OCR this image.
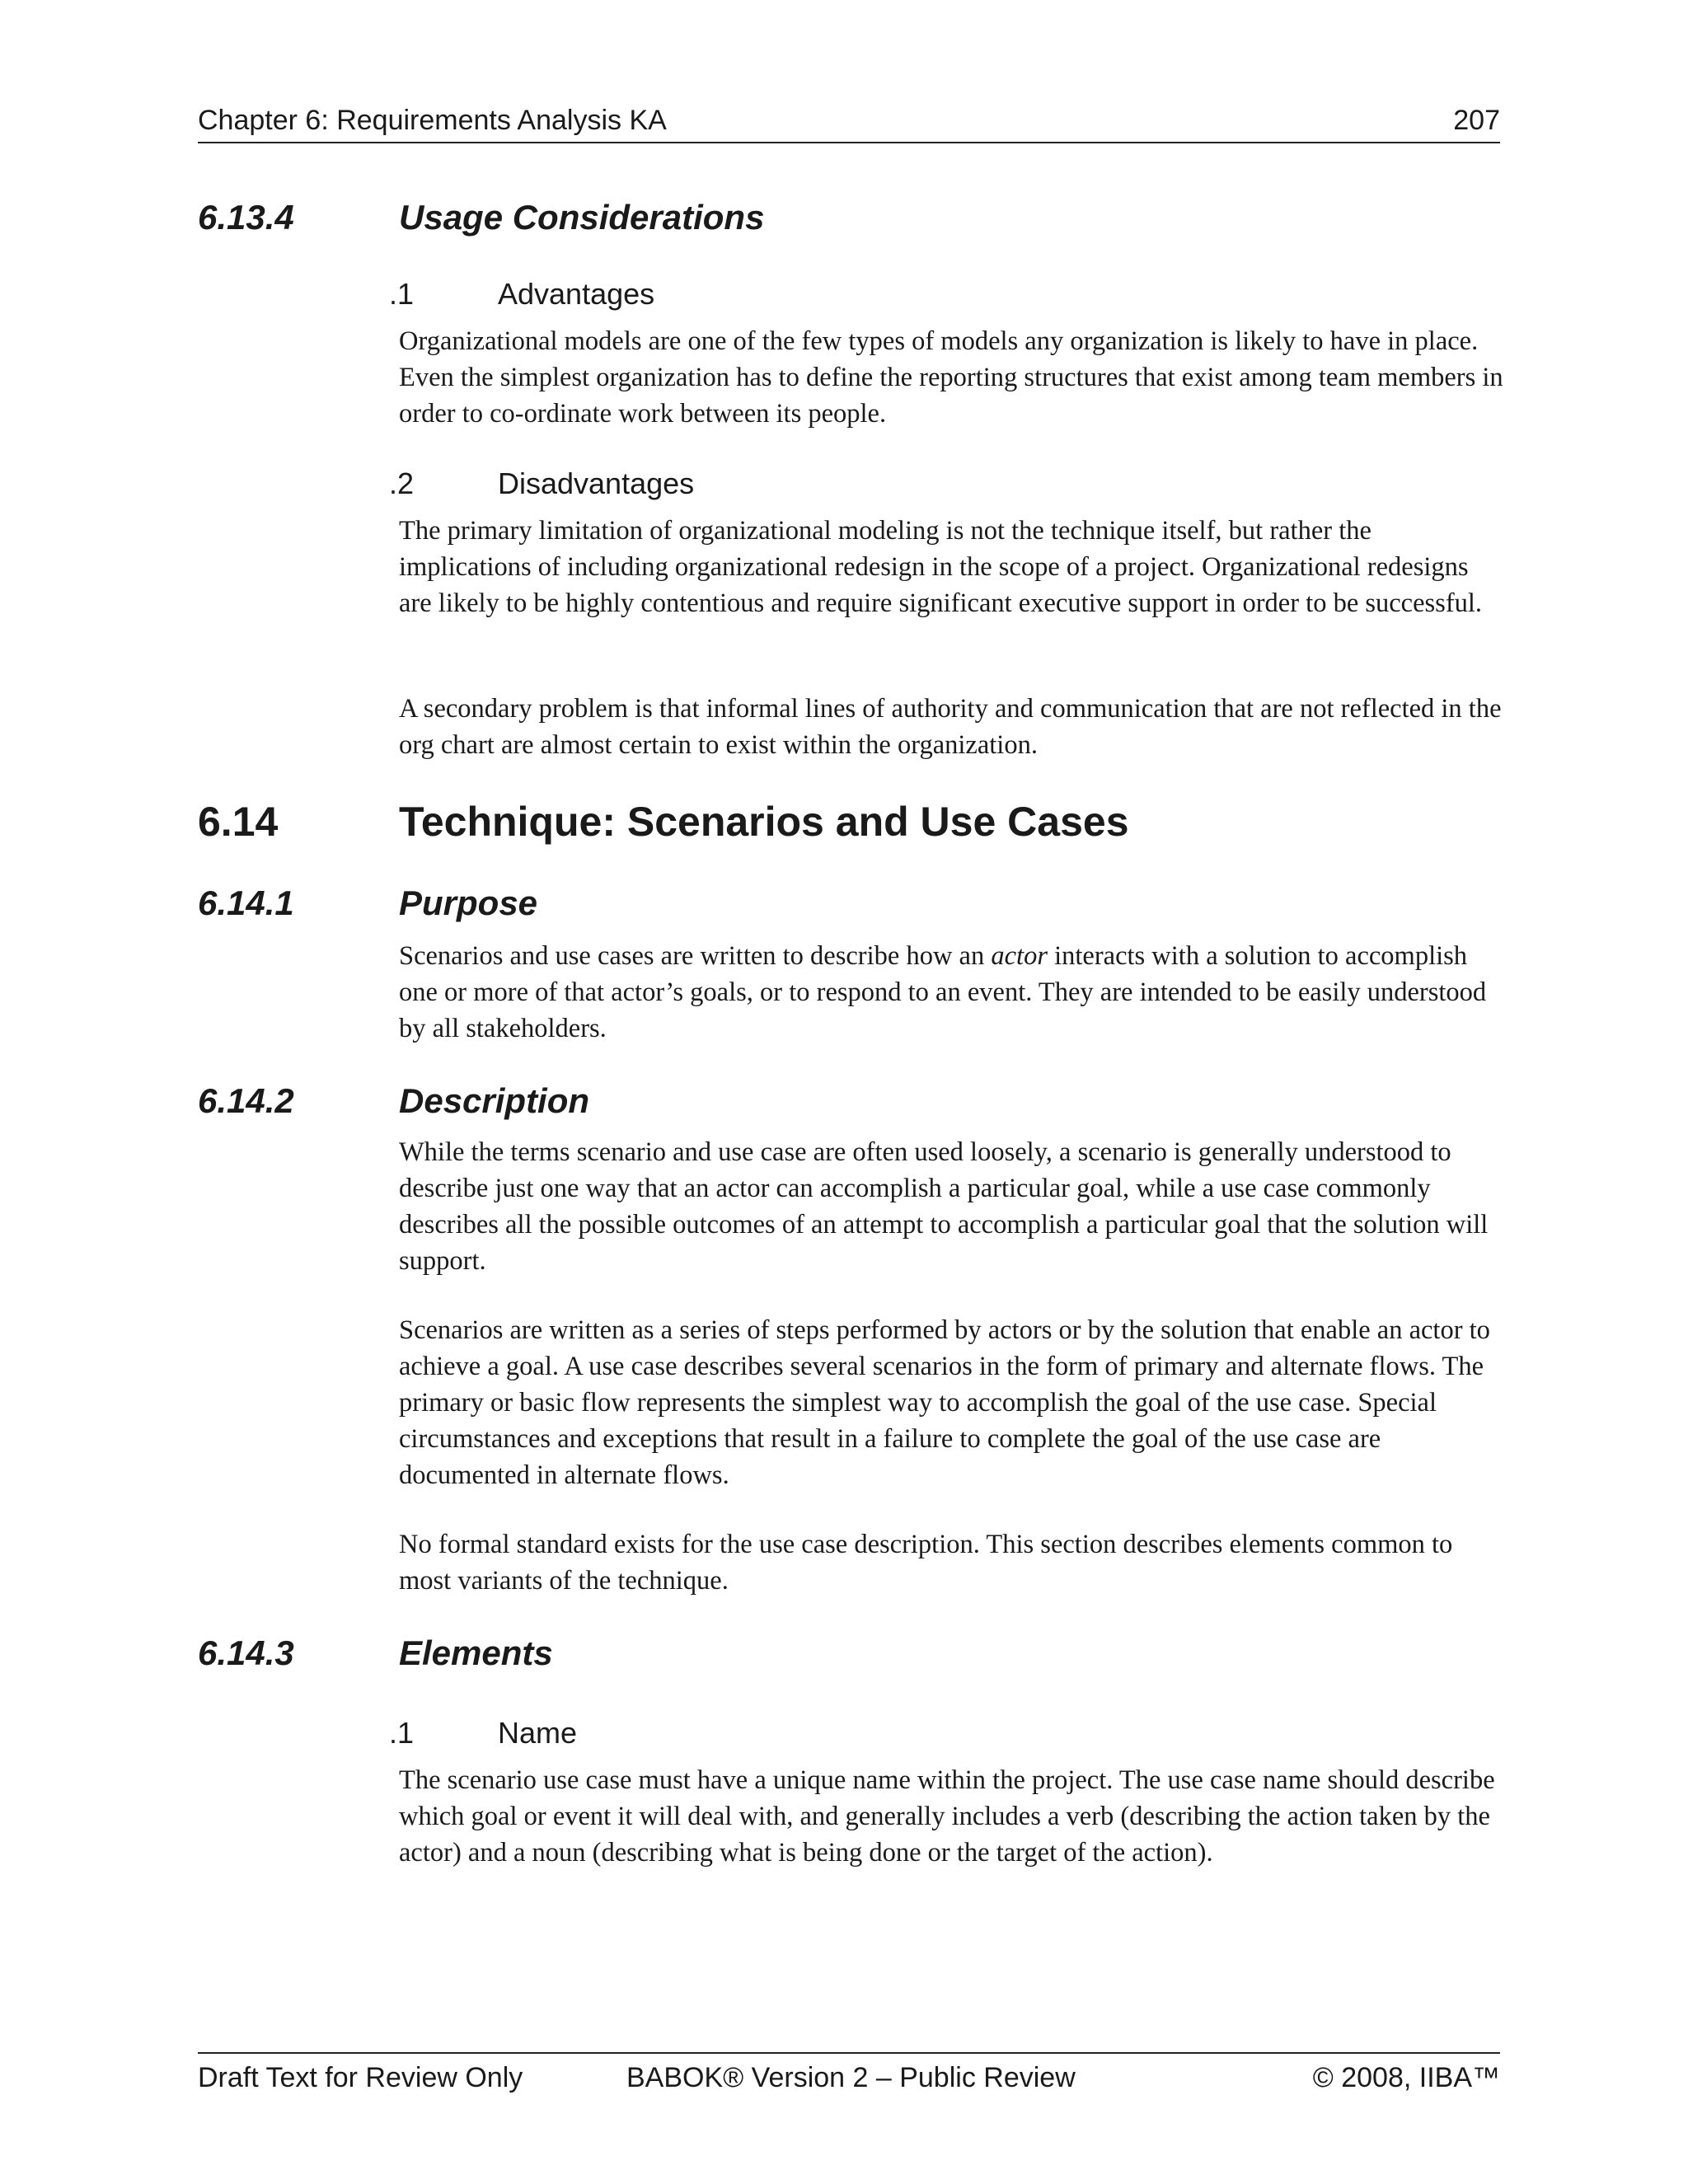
Chapter 6: Requirements Analysis KA	207
6.13.4	Usage Considerations
.1	Advantages

Organizational models are one of the few types of models any organization is likely to have in place. Even the simplest organization has to define the reporting structures that exist among team members in order to co-ordinate work between its people.

.2	Disadvantages

The primary limitation of organizational modeling is not the technique itself, but rather the implications of including organizational redesign in the scope of a project. Organizational redesigns are likely to be highly contentious and require significant executive support in order to be successful.

A secondary problem is that informal lines of authority and communication that are not reflected in the org chart are almost certain to exist within the organization.

6.14	Technique: Scenarios and Use Cases
6.14.1	Purpose

Scenarios and use cases are written to describe how an actor interacts with a solution to accomplish one or more of that actor’s goals, or to respond to an event. They are intended to be easily understood by all stakeholders.

6.14.2	Description

While the terms scenario and use case are often used loosely, a scenario is generally understood to describe just one way that an actor can accomplish a particular goal, while a use case commonly describes all the possible outcomes of an attempt to accomplish a particular goal that the solution will support.

Scenarios are written as a series of steps performed by actors or by the solution that enable an actor to achieve a goal. A use case describes several scenarios in the form of primary and alternate flows. The primary or basic flow represents the simplest way to accomplish the goal of the use case. Special circumstances and exceptions that result in a failure to complete the goal of the use case are documented in alternate flows.

No formal standard exists for the use case description. This section describes elements common to most variants of the technique.

6.14.3	Elements
.1	Name

The scenario use case must have a unique name within the project. The use case name should describe which goal or event it will deal with, and generally includes a verb (describing the action taken by the actor) and a noun (describing what is being done or the target of the action).

Draft Text for Review Only	BABOK® Version 2 – Public Review	© 2008, IIBA™
